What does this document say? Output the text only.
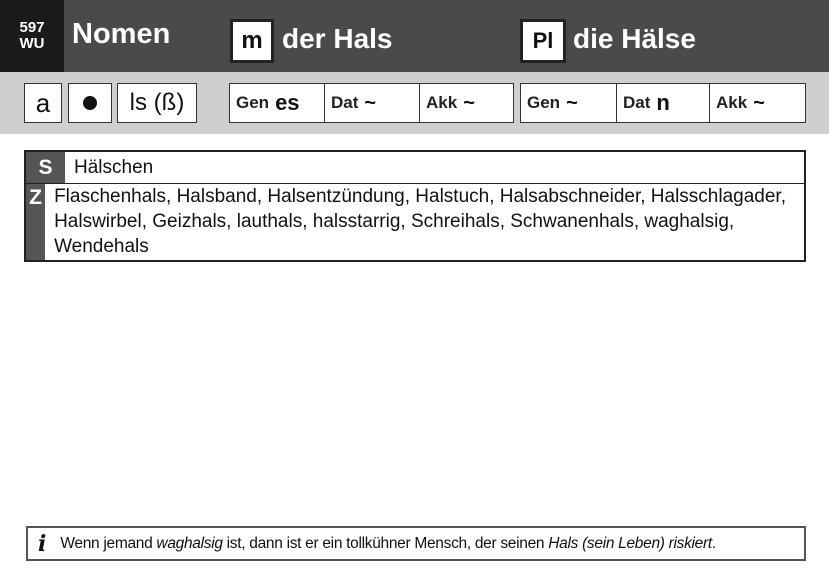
597
WU Nomen	m der Hals	Pl die Hälse
a	ls (ß)	Gen es Dat ~	Akk ~	Gen ~	Dat n	Akk ~
S	Hälschen
Z Flaschenhals, Halsband, Halsentzündung, Halstuch, Halsabschneider, Halsschlagader, Halswirbel, Geizhals, lauthals, halsstarrig, Schreihals, Schwanenhals, waghalsig, Wendehals
i Wenn jemand waghalsig ist, dann ist er ein tollkühner Mensch, der seinen Hals (sein Leben) riskiert.
